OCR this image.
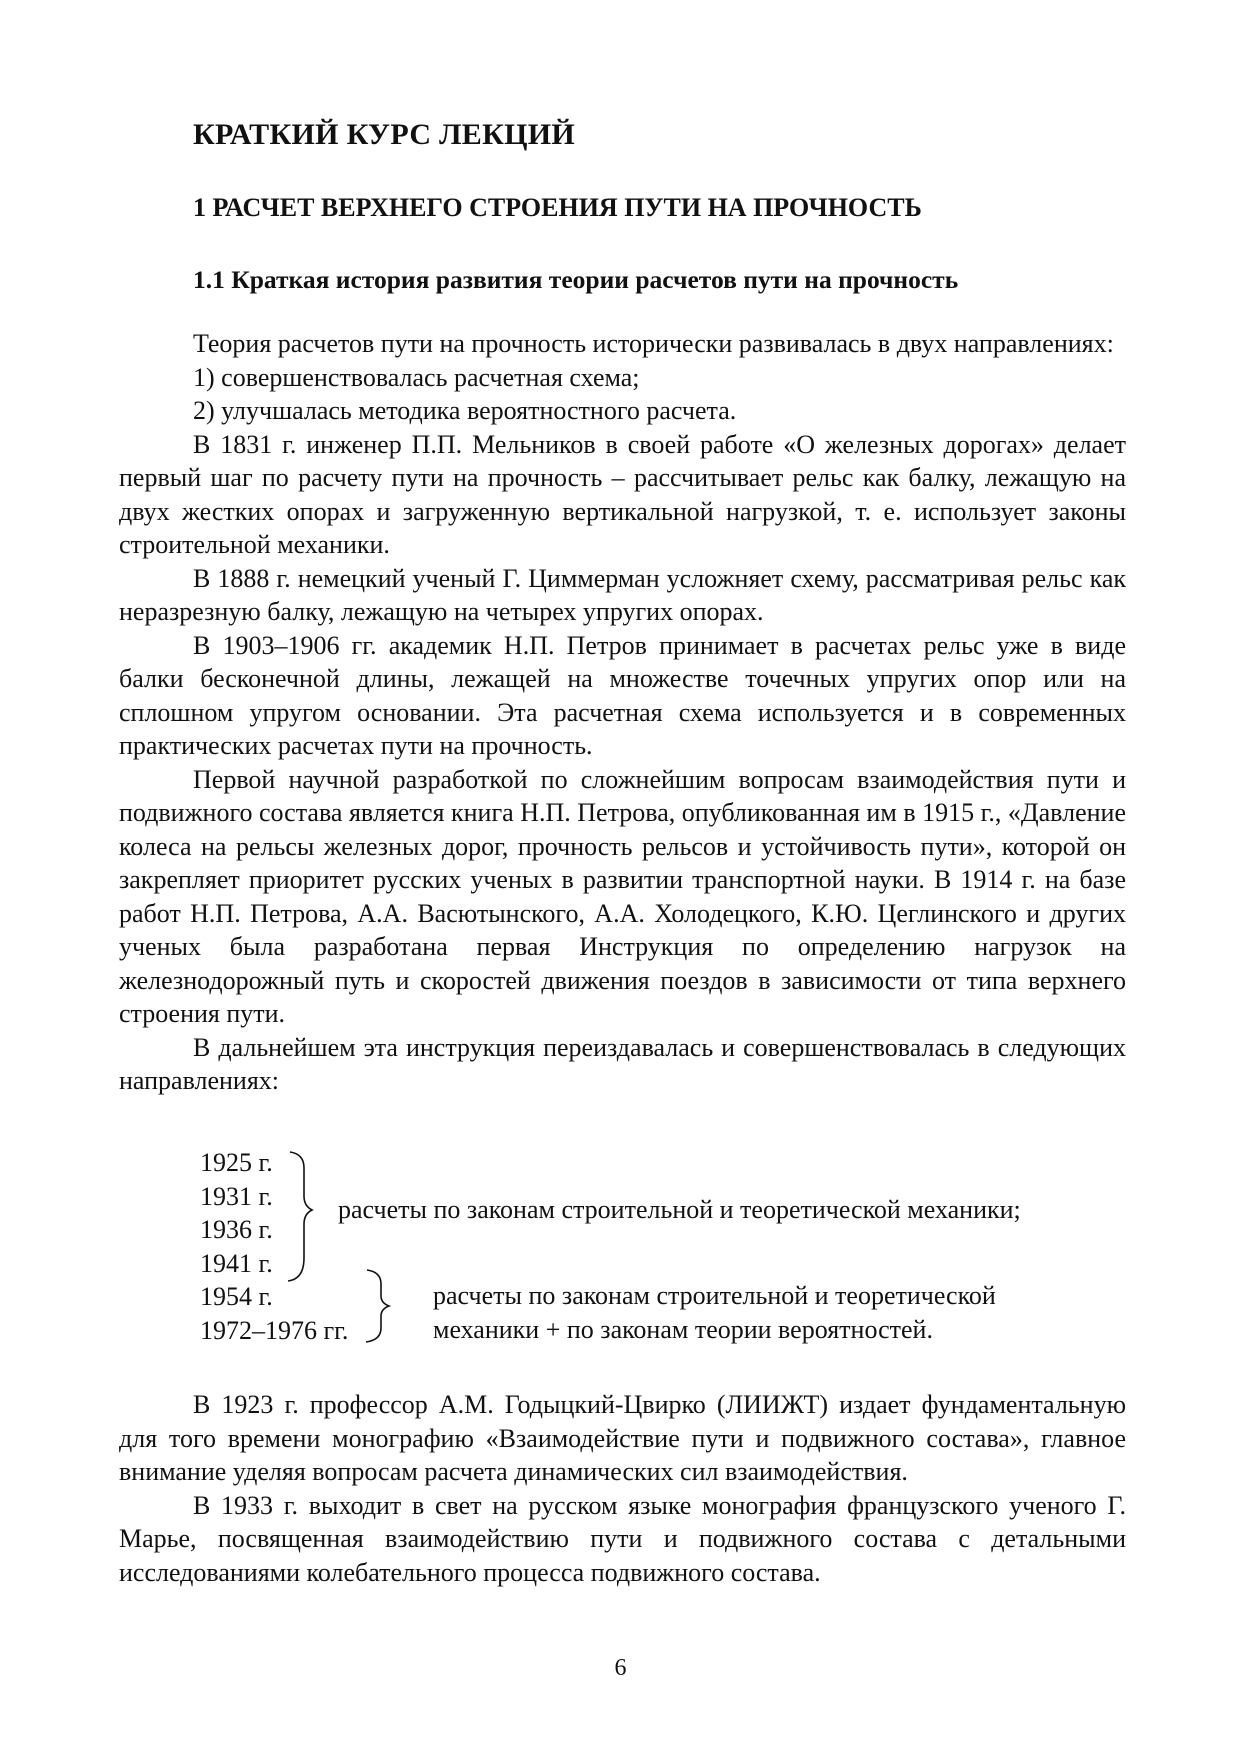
КРАТКИЙ КУРС ЛЕКЦИЙ
1 РАСЧЕТ ВЕРХНЕГО СТРОЕНИЯ ПУТИ НА ПРОЧНОСТЬ
1.1 Краткая история развития теории расчетов пути на прочность

Теория расчетов пути на прочность исторически развивалась в двух направлениях:

1) совершенствовалась расчетная схема;

2) улучшалась методика вероятностного расчета.

В 1831 г. инженер П.П. Мельников в своей работе «О железных дорогах» делает первый шаг по расчету пути на прочность – рассчитывает рельс как балку, лежащую на двух жестких опорах и загруженную вертикальной нагрузкой, т. е. использует законы строительной механики.

В 1888 г. немецкий ученый Г. Циммерман усложняет схему, рассматривая рельс как неразрезную балку, лежащую на четырех упругих опорах.

В 1903–1906 гг. академик Н.П. Петров принимает в расчетах рельс уже в виде балки бесконечной длины, лежащей на множестве точечных упругих опор или на сплошном упругом основании. Эта расчетная схема используется и в современных практических расчетах пути на прочность.

Первой научной разработкой по сложнейшим вопросам взаимодействия пути и подвижного состава является книга Н.П. Петрова, опубликованная им в 1915 г., «Давление колеса на рельсы железных дорог, прочность рельсов и устойчивость пути», которой он закрепляет приоритет русских ученых в развитии транспортной науки. В 1914 г. на базе работ Н.П. Петрова, А.А. Васютынского, А.А. Холодецкого, К.Ю. Цеглинского и других ученых была разработана первая Инструкция по определению нагрузок на железнодорожный путь и скоростей движения поездов в зависимости от типа верхнего строения пути.

В дальнейшем эта инструкция переиздавалась и совершенствовалась в следующих направлениях:

1925 г.
1931 г.
1936 г.
1941 г.
1954 г.
1972–1976 гг.
расчеты по законам строительной и теоретической механики;
расчеты по законам строительной и теоретической
механики + по законам теории вероятностей.

В 1923 г. профессор А.М. Годыцкий-Цвирко (ЛИИЖТ) издает фундаментальную для того времени монографию «Взаимодействие пути и подвижного состава», главное внимание уделяя вопросам расчета динамических сил взаимодействия.

В 1933 г. выходит в свет на русском языке монография французского ученого Г. Марье, посвященная взаимодействию пути и подвижного состава с детальными исследованиями колебательного процесса подвижного состава.

6
